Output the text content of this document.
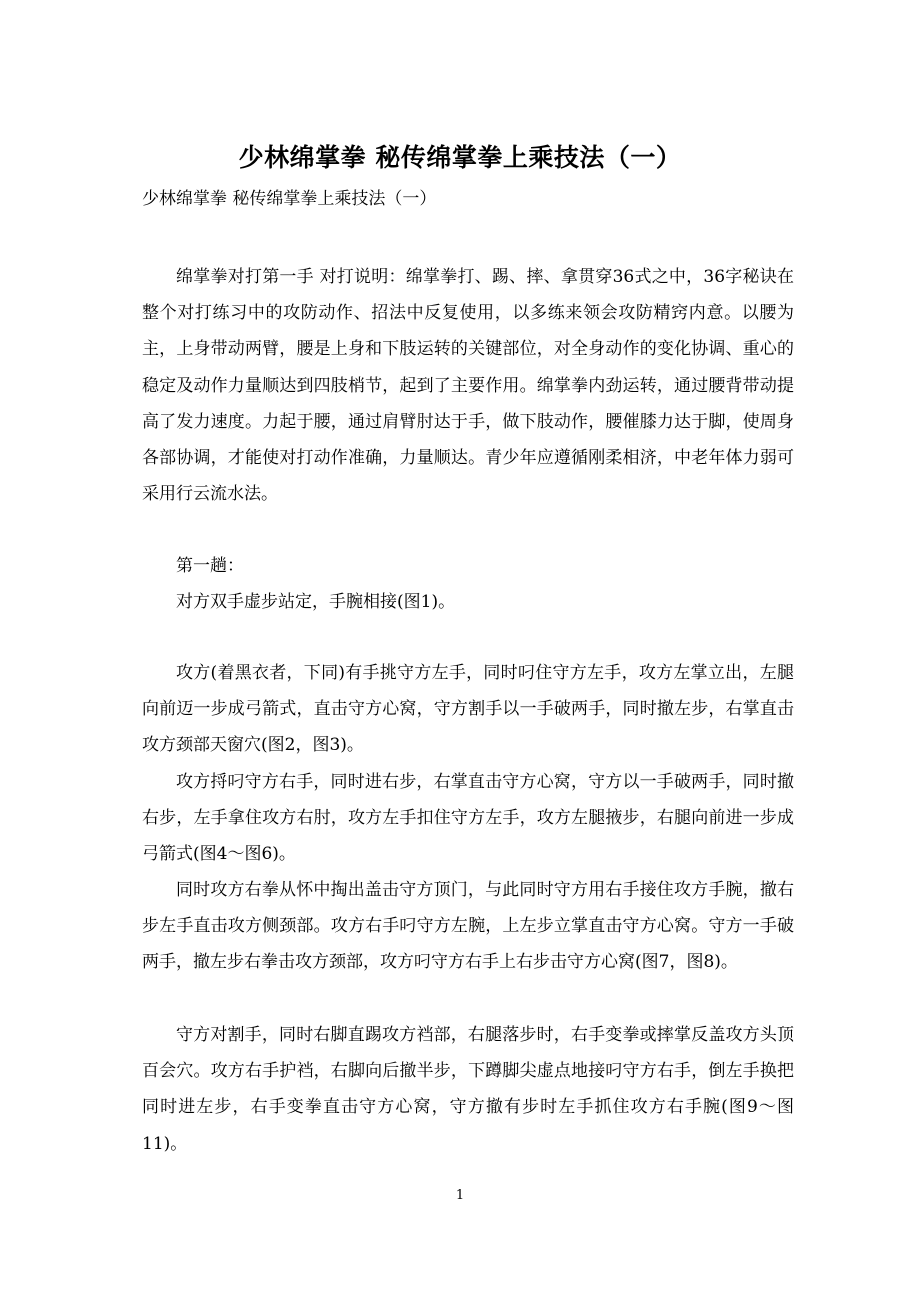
少林绵掌拳 秘传绵掌拳上乘技法（一）
少林绵掌拳 秘传绵掌拳上乘技法（一）

绵掌拳对打第一手 对打说明：绵掌拳打、踢、摔、拿贯穿36式之中，36字秘诀在整个对打练习中的攻防动作、招法中反复使用，以多练来领会攻防精窍内意。以腰为主，上身带动两臂，腰是上身和下肢运转的关键部位，对全身动作的变化协调、重心的稳定及动作力量顺达到四肢梢节，起到了主要作用。绵掌拳内劲运转，通过腰背带动提高了发力速度。力起于腰，通过肩臂肘达于手，做下肢动作，腰催膝力达于脚，使周身各部协调，才能使对打动作准确，力量顺达。青少年应遵循刚柔相济，中老年体力弱可采用行云流水法。

第一趟：

对方双手虚步站定，手腕相接(图1)。

攻方(着黑衣者，下同)有手挑守方左手，同时叼住守方左手，攻方左掌立出，左腿向前迈一步成弓箭式，直击守方心窝，守方割手以一手破两手，同时撤左步，右掌直击攻方颈部天窗穴(图2，图3)。

攻方捋叼守方右手，同时进右步，右掌直击守方心窝，守方以一手破两手，同时撤右步，左手拿住攻方右肘，攻方左手扣住守方左手，攻方左腿掖步，右腿向前进一步成弓箭式(图4～图6)。

同时攻方右拳从怀中掏出盖击守方顶门，与此同时守方用右手接住攻方手腕，撤右步左手直击攻方侧颈部。攻方右手叼守方左腕，上左步立掌直击守方心窝。守方一手破两手，撤左步右拳击攻方颈部，攻方叼守方右手上右步击守方心窝(图7，图8)。

守方对割手，同时右脚直踢攻方裆部，右腿落步时，右手变拳或摔掌反盖攻方头顶百会穴。攻方右手护裆，右脚向后撤半步，下蹲脚尖虚点地接叼守方右手，倒左手换把同时进左步，右手变拳直击守方心窝，守方撤有步时左手抓住攻方右手腕(图9～图11)。

1
